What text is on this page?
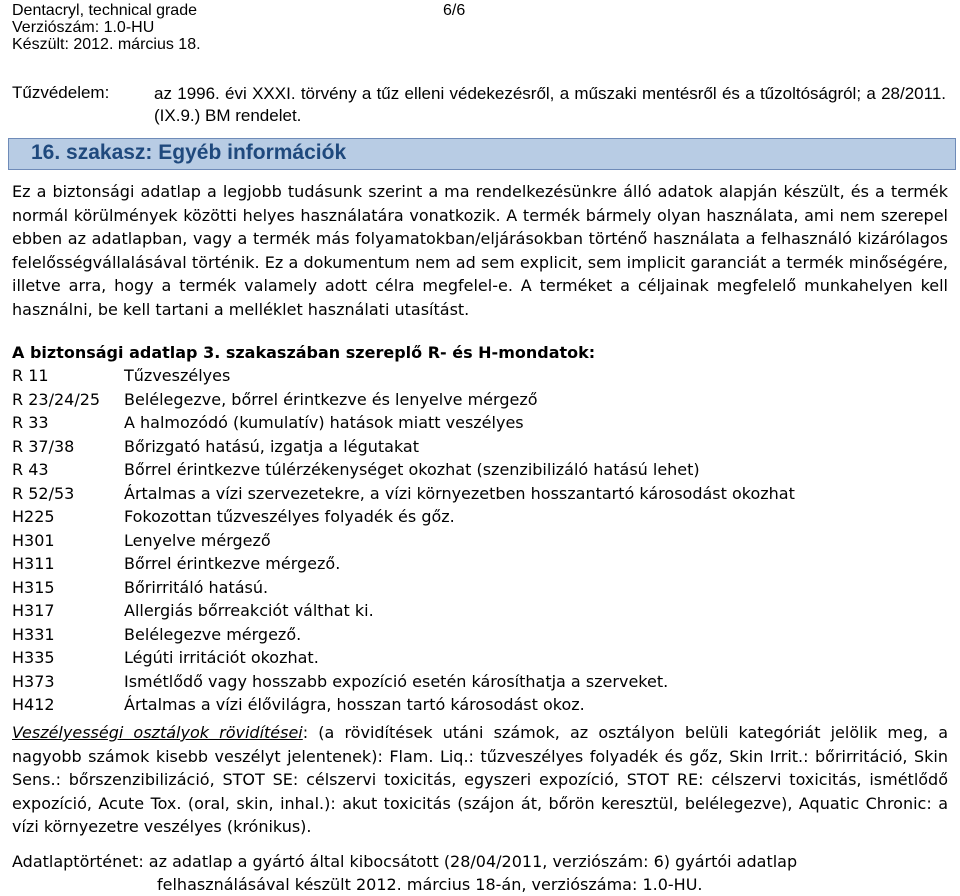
Dentacryl, technical grade
Verziószám: 1.0-HU
Készült: 2012. március 18.
6/6
Tűzvédelem:	az 1996. évi XXXI. törvény a tűz elleni védekezésről, a műszaki mentésről és a tűzoltóságról; a 28/2011. (IX.9.) BM rendelet.
16. szakasz: Egyéb információk
Ez a biztonsági adatlap a legjobb tudásunk szerint a ma rendelkezésünkre álló adatok alapján készült, és a termék normál körülmények közötti helyes használatára vonatkozik. A termék bármely olyan használata, ami nem szerepel ebben az adatlapban, vagy a termék más folyamatokban/eljárásokban történő használata a felhasználó kizárólagos felelősségvállalásával történik. Ez a dokumentum nem ad sem explicit, sem implicit garanciát a termék minőségére, illetve arra, hogy a termék valamely adott célra megfelel-e. A terméket a céljainak megfelelő munkahelyen kell használni, be kell tartani a melléklet használati utasítást.
A biztonsági adatlap 3. szakaszában szereplő R- és H-mondatok:
R 11	Tűzveszélyes
R 23/24/25 Belélegezve, bőrrel érintkezve és lenyelve mérgező
R 33	A halmozódó (kumulatív) hatások miatt veszélyes
R 37/38	Bőrizgató hatású, izgatja a légutakat
R 43	Bőrrel érintkezve túlérzékenységet okozhat (szenzibilizáló hatású lehet)
R 52/53	Ártalmas a vízi szervezetekre, a vízi környezetben hosszantartó károsodást okozhat
H225	Fokozottan tűzveszélyes folyadék és gőz.
H301	Lenyelve mérgező
H311	Bőrrel érintkezve mérgező.
H315	Bőrirritáló hatású.
H317	Allergiás bőrreakciót válthat ki.
H331	Belélegezve mérgező.
H335	Légúti irritációt okozhat.
H373	Ismétlődő vagy hosszabb expozíció esetén károsíthatja a szerveket.
H412	Ártalmas a vízi élővilágra, hosszan tartó károsodást okoz.
Veszélyességi osztályok rövidítései: (a rövidítések utáni számok, az osztályon belüli kategóriát jelölik meg, a nagyobb számok kisebb veszélyt jelentenek): Flam. Liq.: tűzveszélyes folyadék és gőz, Skin Irrit.: bőrirritáció, Skin Sens.: bőrszenzibilizáció, STOT SE: célszervi toxicitás, egyszeri expozíció, STOT RE: célszervi toxicitás, ismétlődő expozíció, Acute Tox. (oral, skin, inhal.): akut toxicitás (szájon át, bőrön keresztül, belélegezve), Aquatic Chronic: a vízi környezetre veszélyes (krónikus).
Adatlaptörténet: az adatlap a gyártó által kibocsátott (28/04/2011, verziószám: 6) gyártói adatlap
felhasználásával készült 2012. március 18-án, verziószáma: 1.0-HU.
